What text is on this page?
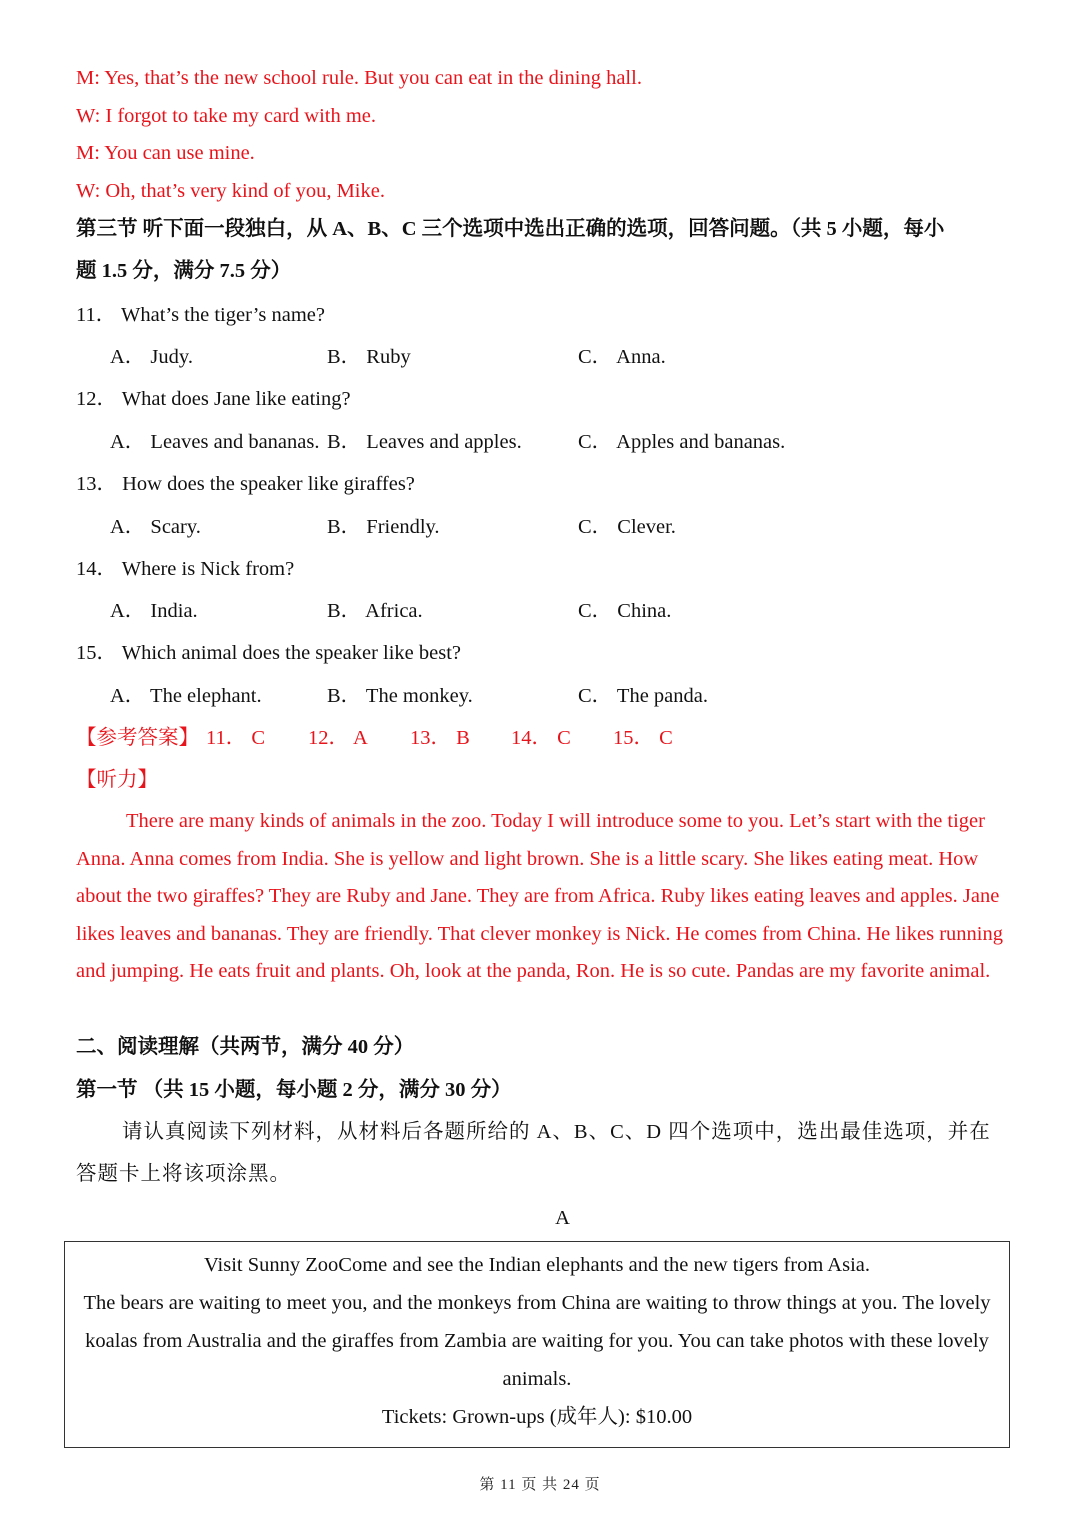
M: Yes, that’s the new school rule. But you can eat in the dining hall.
W: I forgot to take my card with me.
M: You can use mine.
W: Oh, that’s very kind of you, Mike.
第三节 听下面一段独白，从 A、B、C 三个选项中选出正确的选项，回答问题。（共 5 小题，每小
题 1.5 分，满分 7.5 分）
11． What’s the tiger’s name?
A． Judy.	B． Ruby	C． Anna.
12． What does Jane like eating?
A． Leaves and bananas. B． Leaves and apples.	C． Apples and bananas.
13． How does the speaker like giraffes?
A． Scary.	B． Friendly.	C． Clever.
14． Where is Nick from?
A． India.	B． Africa.	C． China.
15． Which animal does the speaker like best?
A． The elephant.	B． The monkey.	C． The panda.
【参考答案】 11． C 12． A 13． B 14． C 15． C
【听力】
There are many kinds of animals in the zoo. Today I will introduce some to you. Let’s start with the tiger Anna. Anna comes from India. She is yellow and light brown. She is a little scary. She likes eating meat. How about the two giraffes? They are Ruby and Jane. They are from Africa. Ruby likes eating leaves and apples. Jane likes leaves and bananas. They are friendly. That clever monkey is Nick. He comes from China. He likes running and jumping. He eats fruit and plants. Oh, look at the panda, Ron. He is so cute. Pandas are my favorite animal.
二、阅读理解（共两节，满分 40 分）
第一节 （共 15 小题，每小题 2 分，满分 30 分）
请认真阅读下列材料，从材料后各题所给的 A、B、C、D 四个选项中，选出最佳选项，并在答题卡上将该项涂黑。
A

Visit Sunny ZooCome and see the Indian elephants and the new tigers from Asia.

The bears are waiting to meet you, and the monkeys from China are waiting to throw things at you. The lovely koalas from Australia and the giraffes from Zambia are waiting for you. You can take photos with these lovely animals.

Tickets: Grown-ups (成年人): $10.00

第 11 页 共 24 页
